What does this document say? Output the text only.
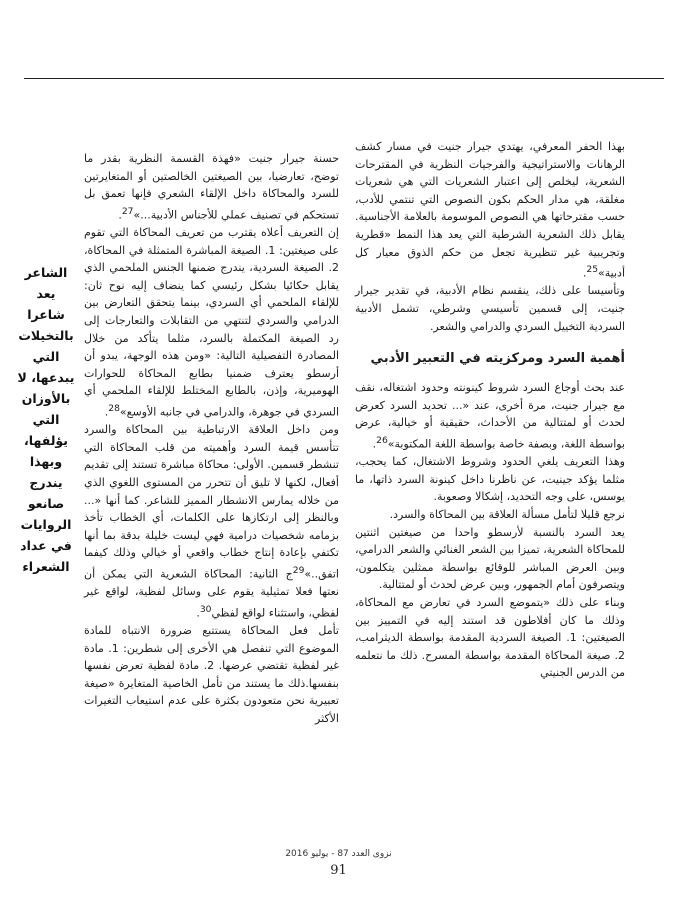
بهذا الحفر المعرفي، يهتدي جيرار جنيت في مسار كشف الرهانات والاستراتيجية والفرجيات النظرية في المقترحات الشعرية، ليخلص إلى اعتبار الشعريات التي هي شعريات مغلقة، هي مدار الحكم بكون النصوص التي تنتمي للأدب، حسب مقترحاتها هي النصوص الموسومة بالعلامة الأجناسية. يقابل ذلك الشعرية الشرطية التي يعد هذا النمط «قطرية وتجريبية غير تنظيرية تجعل من حكم الذوق معيار كل أدبية»$^{25}$.

وتأسيسا على ذلك، ينقسم نظام الأدبية، في تقدير جيرار جنيت، إلى قسمين تأسيسي وشرطي، تشمل الأدبية السردية التخييل السردي والدرامي والشعر.

أهمية السرد ومركزيته في التعبير الأدبي

عند بحث أوجاع السرد شروط كينونته وحدود اشتغاله، نقف مع جيرار جنيت، مرة أخرى، عند «... تحديد السرد كعرض لحدث أو لمتتالية من الأحداث، حقيقية أو خيالية، عرض بواسطة اللغة، وبصفة خاصة بواسطة اللغة المكتوبة»$^{26}$.

وهذا التعريف يلغي الحدود وشروط الاشتغال، كما يحجب، مثلما يؤكد جينيت، عن ناظرنا داخل كينونة السرد ذاتها، ما يوسس، على وجه التحديد، إشكالا وصعوبة.

نرجع قليلا لتأمل مسألة العلاقة بين المحاكاة والسرد.

يعد السرد بالنسبة لأرسطو واحدا من صيغتين اثنتين للمحاكاة الشعرية، تميزا بين الشعر الغنائي والشعر الدرامي، وبين العرض المباشر للوقائع بواسطة ممثلين يتكلمون، ويتصرفون أمام الجمهور، وبين عرض لحدث أو لمتتالية.

وبناء على ذلك «يتموضع السرد في تعارض مع المحاكاة، وذلك ما كان أفلاطون قد استند إليه في التمييز بين الصيغتين: 1. الصيغة السردية المقدمة بواسطة الديثرامب، 2. صيغة المحاكاة المقدمة بواسطة المسرح. ذلك ما نتعلمه من الدرس الجنيتي

حسنة جيرار جنيت «فهذة القسمة النظرية بقدر ما توضح، تعارضيا، بين الصيغتين الخالصتين أو المتغايرتين للسرد والمحاكاة داخل الإلقاء الشعري فإنها تعمق بل تستحكم في تصنيف عملي للأجناس الأدبية...»$^{27}$.

إن التعريف أعلاه يقترب من تعريف المحاكاة التي تقوم على صيغتين: 1. الصيغة المباشرة المتمثلة في المحاكاة، 2. الصيغة السردية، يندرج ضمنها الجنس الملحمي الذي يقابل حكائيا بشكل رئيسي كما ينضاف إليه نوح ثان: للإلقاء الملحمي أي السردي، بينما يتحقق التعارض بين الدرامي والسردي لتنتهي من التقابلات والتعارجات إلى رد الصيغة المكتملة بالسرد، مثلما يتأكد من خلال المصادرة التفصيلية التالية: «ومن هذه الوجهة، يبدو أن أرسطو يعترف ضمنيا بطابع المحاكاة للحوارات الهوميرية، وإذن، بالطابع المختلط للإلقاء الملحمي أي السردي في جوهرة، والدرامي في جانبه الأوسع»$^{28}$.

ومن داخل العلاقة الارتباطية بين المحاكاة والسرد تتأسس قيمة السرد وأهميته من قلب المحاكاة التي تنشطر قسمين. الأولى: محاكاة مباشرة تستند إلى تقديم أفعال، لكنها لا تليق أن تتحرر من المستوى اللغوي الذي من خلاله يمارس الانشطار المميز للشاعر. كما أنها «... وبالنظر إلى ارتكازها على الكلمات، أي الخطاب تأخذ بزمامه شخصيات درامية فهي ليست خليلة بدقة بما أنها تكتفي بإعادة إنتاج خطاب واقعي أو خيالي وذلك كيفما اتفق..»$^{29}$ج الثانية: المحاكاة الشعرية التي يمكن أن نعتها فعلا تمثيلية يقوم على وسائل لفظية، لواقع غير لفظي، واستثناء لواقع لفظي$^{30}$.

تأمل فعل المحاكاة يستتبع ضرورة الانتباه للمادة الموضوع التي تنفصل هي الأخرى إلى شطرين: 1. مادة غير لفظية تقتضي عرضها. 2. مادة لفظية تعرض نفسها بنفسها.ذلك ما يستند من تأمل الخاصية المتغايرة «صيغة تعبيرية نحن متعودون بكثرة على عدم استيعاب التغيرات الأكثر

الشاعر يعد شاعرا بالتخيلات التي يبدعها، لا بالأوزان التي يؤلفها، وبهذا يندرج صانعو الروايات في عداد الشعراء
نزوى العدد 87 - يوليو 2016
91
